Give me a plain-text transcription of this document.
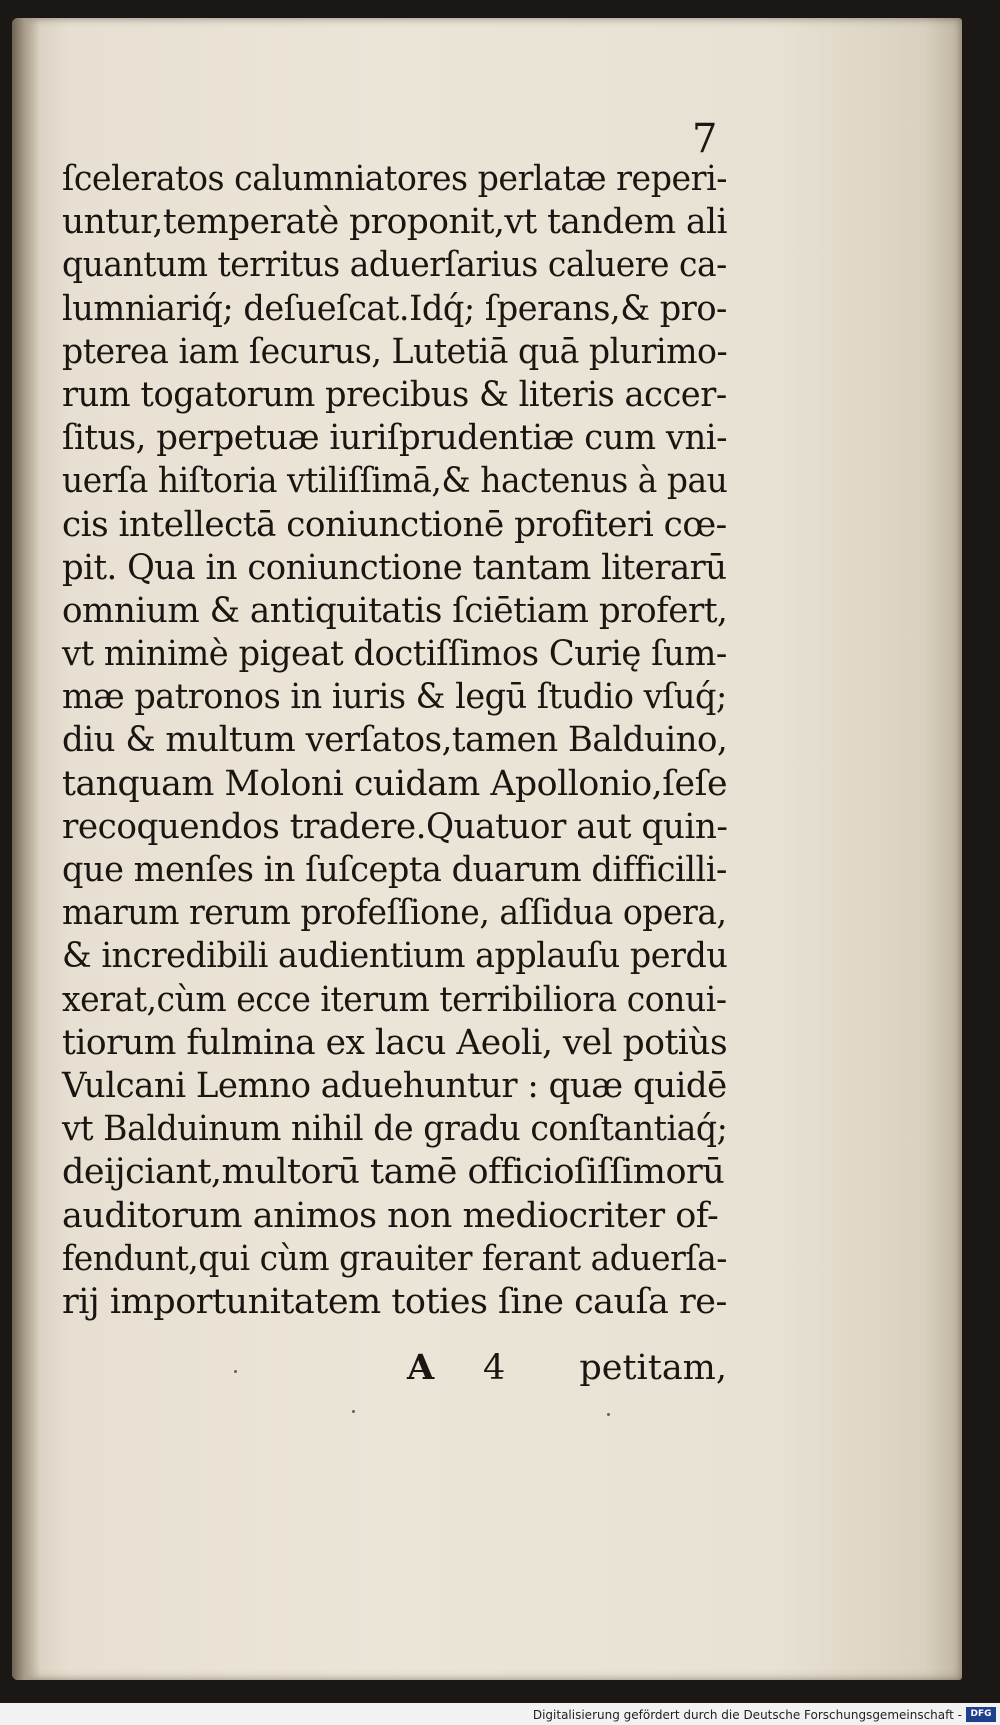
7
ſceleratos calumniatores perlatæ reperi-
untur,temperatè proponit,vt tandem ali
quantum territus aduerſarius caluere ca-
lumniariq́; deſueſcat.Idq́; ſperans,& pro-
pterea iam ſecurus, Lutetiā quā plurimo-
rum togatorum precibus & literis accer-
ſitus, perpetuæ iuriſprudentiæ cum vni-
uerſa hiſtoria vtiliſſimā,& hactenus à pau
cis intellectā coniunctionē profiteri cœ-
pit. Qua in coniunctione tantam literarū
omnium & antiquitatis ſciētiam profert,
vt minimè pigeat doctiſſimos Curię ſum-
mæ patronos in iuris & legū ſtudio vſuq́;
diu & multum verſatos,tamen Balduino,
tanquam Moloni cuidam Apollonio,ſeſe
recoquendos tradere.Quatuor aut quin-
que menſes in ſuſcepta duarum difficilli-
marum rerum profeſſione, aſſidua opera,
& incredibili audientium applauſu perdu
xerat,cùm ecce iterum terribiliora conui-
tiorum fulmina ex lacu Aeoli, vel potiùs
Vulcani Lemno aduehuntur : quæ quidē
vt Balduinum nihil de gradu conſtantiaq́;
deijciant,multorū tamē officioſiſſimorū
auditorum animos non mediocriter of-
fendunt,qui cùm grauiter ferant aduerſa-
rij importunitatem toties ſine cauſa re-
A 4 petitam,
Digitalisierung gefördert durch die Deutsche Forschungsgemeinschaft - DFG
